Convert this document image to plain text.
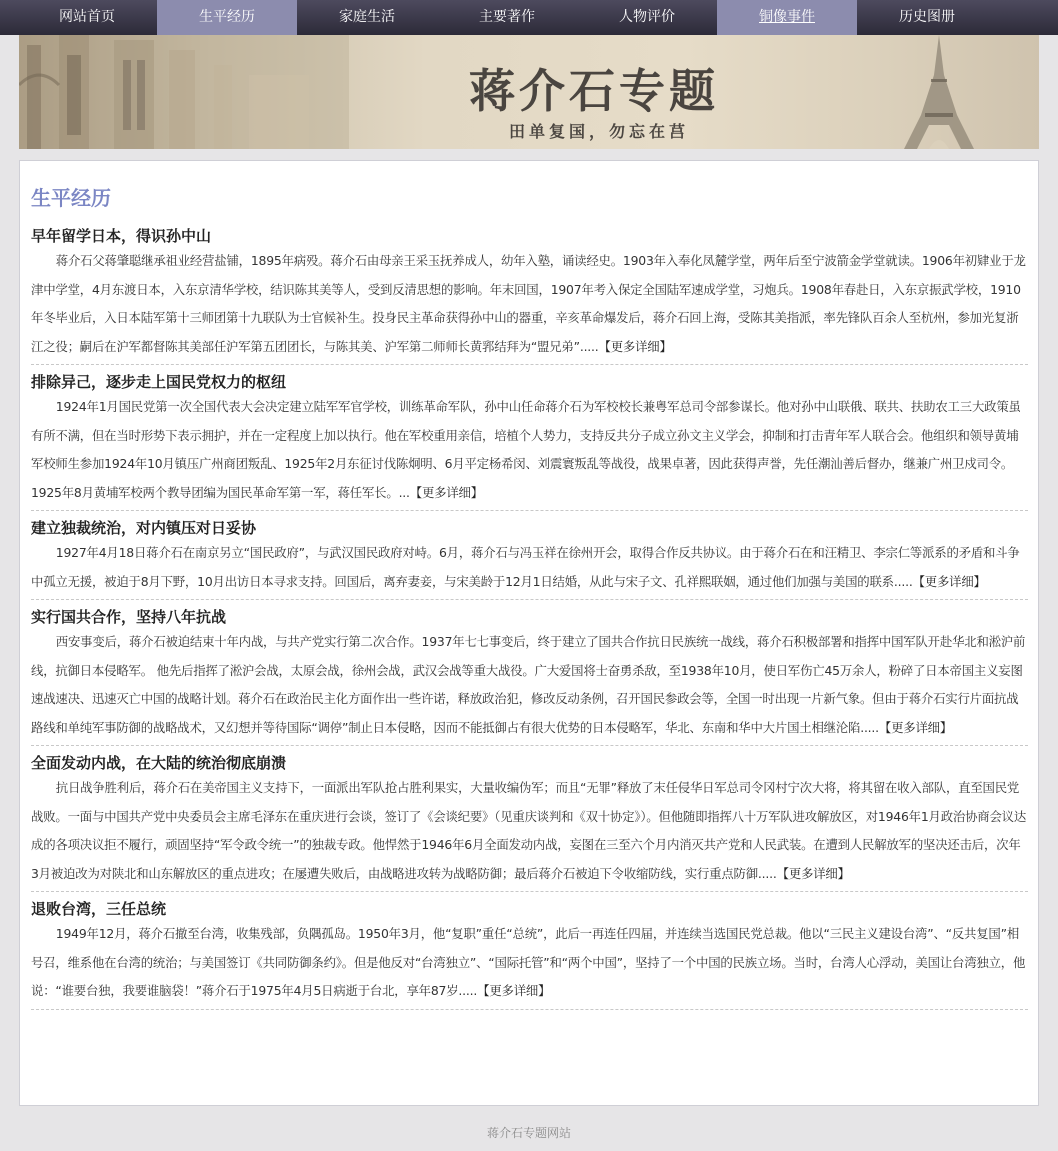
网站首页	生平经历	家庭生活	主要著作	人物评价	铜像事件	历史图册
蒋介石专题
田单复国，勿忘在莒
生平经历
早年留学日本，得识孙中山

蒋介石父蒋肇聪继承祖业经营盐铺，1895年病殁。蒋介石由母亲王采玉抚养成人，幼年入塾，诵读经史。1903年入奉化凤麓学堂，两年后至宁波箭金学堂就读。1906年初肄业于龙津中学堂，4月东渡日本，入东京清华学校，结识陈其美等人，受到反清思想的影响。年末回国，1907年考入保定全国陆军速成学堂，习炮兵。1908年春赴日，入东京振武学校，1910年冬毕业后，入日本陆军第十三师团第十九联队为士官候补生。投身民主革命获得孙中山的器重，辛亥革命爆发后，蒋介石回上海，受陈其美指派，率先锋队百余人至杭州，参加光复浙江之役；嗣后在沪军都督陈其美部任沪军第五团团长，与陈其美、沪军第二师师长黄郛结拜为“盟兄弟”.....【更多详细】

排除异己，逐步走上国民党权力的枢纽

1924年1月国民党第一次全国代表大会决定建立陆军军官学校，训练革命军队，孙中山任命蒋介石为军校校长兼粤军总司令部参谋长。他对孙中山联俄、联共、扶助农工三大政策虽有所不满，但在当时形势下表示拥护，并在一定程度上加以执行。他在军校重用亲信，培植个人势力，支持反共分子成立孙文主义学会，抑制和打击青年军人联合会。他组织和领导黄埔军校师生参加1924年10月镇压广州商团叛乱、1925年2月东征讨伐陈炯明、6月平定杨希闵、刘震寰叛乱等战役，战果卓著，因此获得声誉，先任潮汕善后督办，继兼广州卫戍司令。1925年8月黄埔军校两个教导团编为国民革命军第一军，蒋任军长。...【更多详细】

建立独裁统治，对内镇压对日妥协

1927年4月18日蒋介石在南京另立“国民政府”，与武汉国民政府对峙。6月，蒋介石与冯玉祥在徐州开会，取得合作反共协议。由于蒋介石在和汪精卫、李宗仁等派系的矛盾和斗争中孤立无援，被迫于8月下野，10月出访日本寻求支持。回国后，离弃妻妾，与宋美龄于12月1日结婚，从此与宋子文、孔祥熙联姻，通过他们加强与美国的联系.....【更多详细】

实行国共合作，坚持八年抗战

西安事变后，蒋介石被迫结束十年内战，与共产党实行第二次合作。1937年七七事变后，终于建立了国共合作抗日民族统一战线，蒋介石积极部署和指挥中国军队开赴华北和淞沪前线，抗御日本侵略军。 他先后指挥了淞沪会战，太原会战，徐州会战，武汉会战等重大战役。广大爱国将士奋勇杀敌，至1938年10月，使日军伤亡45万余人，粉碎了日本帝国主义妄图速战速决、迅速灭亡中国的战略计划。蒋介石在政治民主化方面作出一些许诺，释放政治犯，修改反动条例，召开国民参政会等，全国一时出现一片新气象。但由于蒋介石实行片面抗战路线和单纯军事防御的战略战术，又幻想并等待国际“调停”制止日本侵略，因而不能抵御占有很大优势的日本侵略军，华北、东南和华中大片国土相继沦陷.....【更多详细】

全面发动内战，在大陆的统治彻底崩溃

抗日战争胜利后，蒋介石在美帝国主义支持下，一面派出军队抢占胜利果实，大量收编伪军；而且“无罪”释放了末任侵华日军总司令冈村宁次大将，将其留在收入部队，直至国民党战败。一面与中国共产党中央委员会主席毛泽东在重庆进行会谈，签订了《会谈纪要》（见重庆谈判和《双十协定》）。但他随即指挥八十万军队进攻解放区，对1946年1月政治协商会议达成的各项决议拒不履行，顽固坚持“军令政令统一”的独裁专政。他悍然于1946年6月全面发动内战，妄图在三至六个月内消灭共产党和人民武装。在遭到人民解放军的坚决还击后，次年3月被迫改为对陕北和山东解放区的重点进攻；在屡遭失败后，由战略进攻转为战略防御；最后蒋介石被迫下令收缩防线，实行重点防御.....【更多详细】

退败台湾，三任总统

1949年12月，蒋介石撤至台湾，收集残部，负隅孤岛。1950年3月，他“复职”重任“总统”，此后一再连任四届，并连续当选国民党总裁。他以“三民主义建设台湾”、“反共复国”相号召，维系他在台湾的统治；与美国签订《共同防御条约》。但是他反对“台湾独立”、“国际托管”和“两个中国”，坚持了一个中国的民族立场。当时，台湾人心浮动，美国让台湾独立，他说：“谁要台独，我要谁脑袋！”蒋介石于1975年4月5日病逝于台北，享年87岁.....【更多详细】

蒋介石专题网站
